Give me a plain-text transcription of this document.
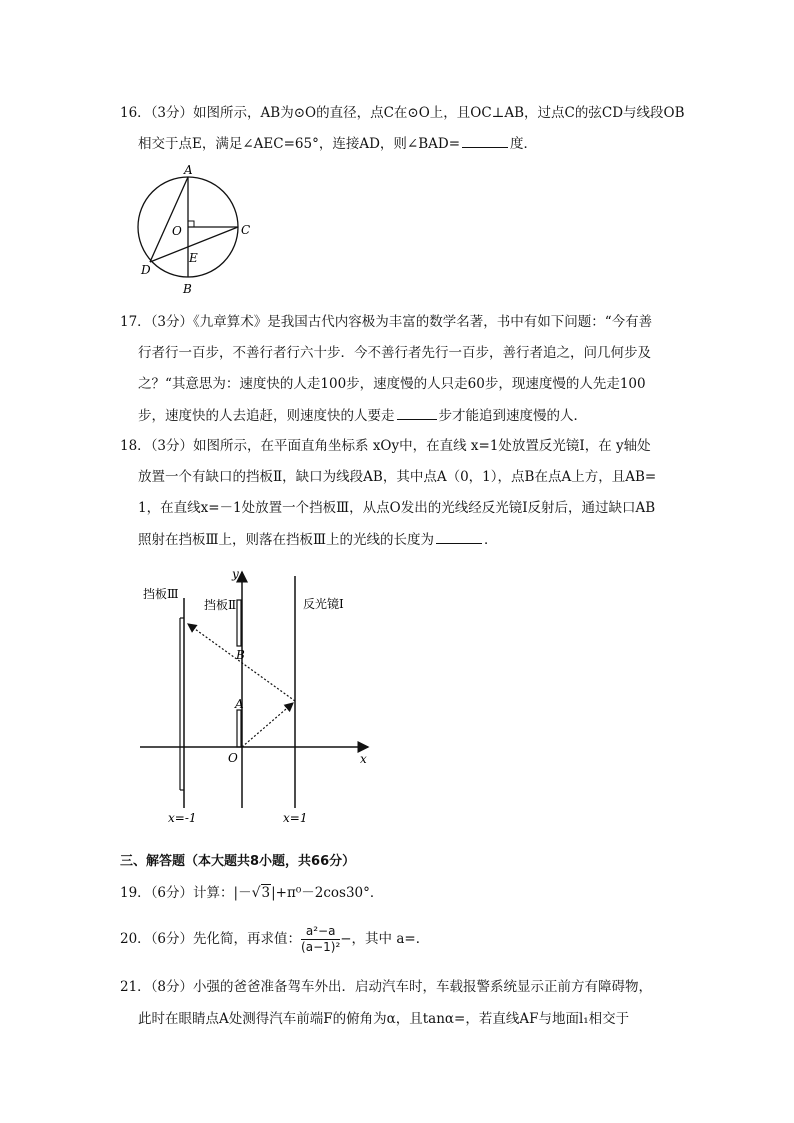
16．（3分）如图所示，AB为⊙O的直径，点C在⊙O上，且OC⊥AB，过点C的弦CD与线段OB
相交于点E，满足∠AEC=65°，连接AD，则∠BAD=	度．
A
O	C
D
E
B
17．（3分）《九章算术》是我国古代内容极为丰富的数学名著，书中有如下问题：“今有善
行者行一百步，不善行者行六十步．今不善行者先行一百步，善行者追之，问几何步及
之？“其意思为：速度快的人走100步，速度慢的人只走60步，现速度慢的人先走100
步，速度快的人去追赶，则速度快的人要走	步才能追到速度慢的人．
18．（3分）如图所示，在平面直角坐标系 xOy中，在直线 x=1处放置反光镜Ⅰ，在 y轴处
放置一个有缺口的挡板Ⅱ，缺口为线段AB，其中点A（0，1），点B在点A上方，且AB=
1，在直线x=－1处放置一个挡板Ⅲ，从点O发出的光线经反光镜Ⅰ反射后，通过缺口AB
照射在挡板Ⅲ上，则落在挡板Ⅲ上的光线的长度为	．
挡板Ⅲ
挡板Ⅱ	反光镜Ⅰ
y
x
O
A
B
x=-1	x=1
三、解答题（本大题共8小题，共66分）
19．（6分）计算：|－√3|+π⁰－2cos30°．
20．（6分）先化简，再求值： $\frac{\text{a²−a}}{\text{(a−1)²}}$ −，其中 a=．
21．（8分）小强的爸爸准备驾车外出．启动汽车时，车载报警系统显示正前方有障碍物，
此时在眼睛点A处测得汽车前端F的俯角为α，且tanα=，若直线AF与地面l₁相交于
